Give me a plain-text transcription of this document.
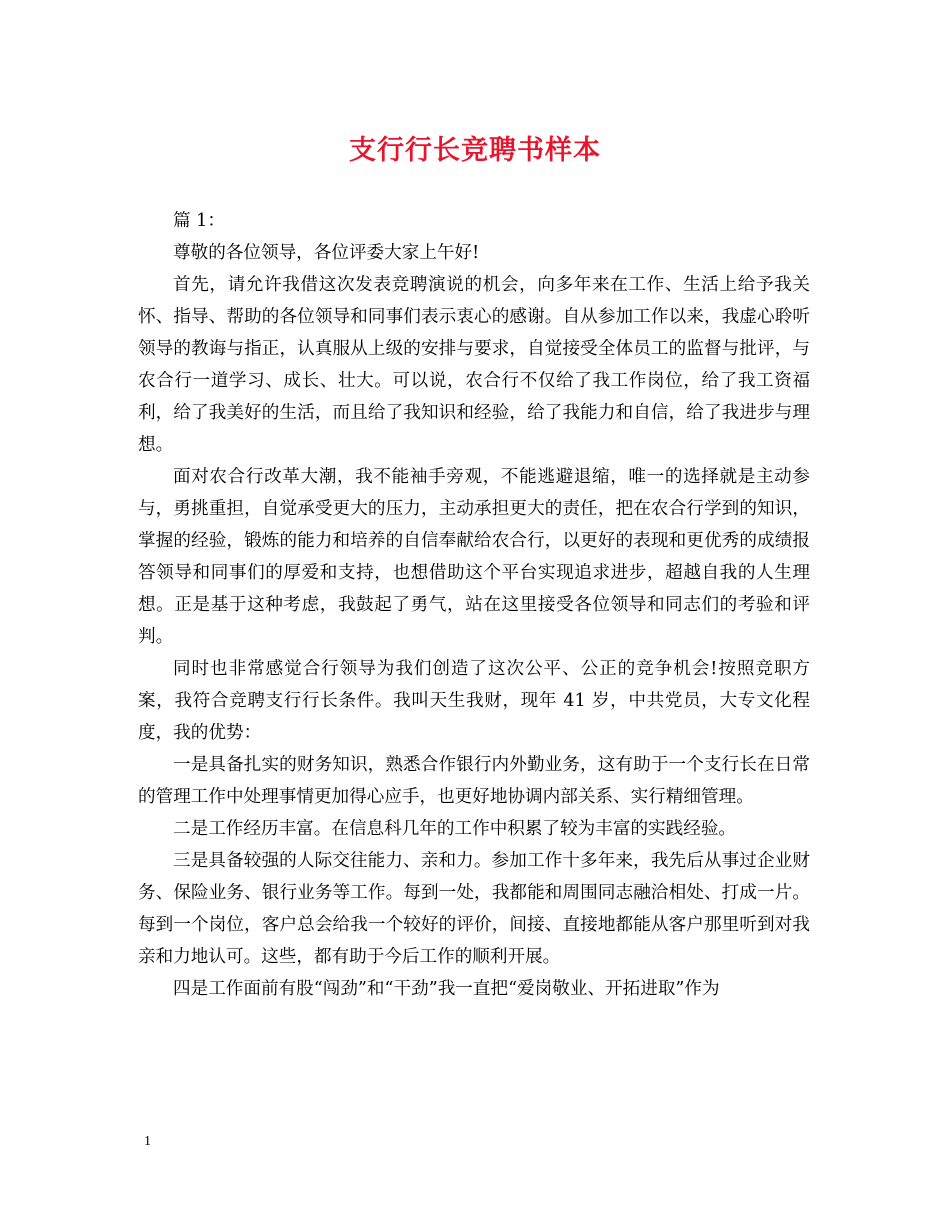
支行行长竞聘书样本

篇 1：

尊敬的各位领导，各位评委大家上午好!

首先，请允许我借这次发表竞聘演说的机会，向多年来在工作、生活上给予我关怀、指导、帮助的各位领导和同事们表示衷心的感谢。自从参加工作以来，我虚心聆听领导的教诲与指正，认真服从上级的安排与要求，自觉接受全体员工的监督与批评，与农合行一道学习、成长、壮大。可以说，农合行不仅给了我工作岗位，给了我工资福利，给了我美好的生活，而且给了我知识和经验，给了我能力和自信，给了我进步与理想。

面对农合行改革大潮，我不能袖手旁观，不能逃避退缩，唯一的选择就是主动参与，勇挑重担，自觉承受更大的压力，主动承担更大的责任，把在农合行学到的知识，掌握的经验，锻炼的能力和培养的自信奉献给农合行，以更好的表现和更优秀的成绩报答领导和同事们的厚爱和支持，也想借助这个平台实现追求进步，超越自我的人生理想。正是基于这种考虑，我鼓起了勇气，站在这里接受各位领导和同志们的考验和评判。

同时也非常感觉合行领导为我们创造了这次公平、公正的竞争机会!按照竞职方案，我符合竞聘支行行长条件。我叫天生我财，现年 41 岁，中共党员，大专文化程度，我的优势：

一是具备扎实的财务知识，熟悉合作银行内外勤业务，这有助于一个支行长在日常的管理工作中处理事情更加得心应手，也更好地协调内部关系、实行精细管理。

二是工作经历丰富。在信息科几年的工作中积累了较为丰富的实践经验。

三是具备较强的人际交往能力、亲和力。参加工作十多年来，我先后从事过企业财务、保险业务、银行业务等工作。每到一处，我都能和周围同志融洽相处、打成一片。每到一个岗位，客户总会给我一个较好的评价，间接、直接地都能从客户那里听到对我亲和力地认可。这些，都有助于今后工作的顺利开展。

四是工作面前有股“闯劲”和“干劲”我一直把“爱岗敬业、开拓进取”作为

1
